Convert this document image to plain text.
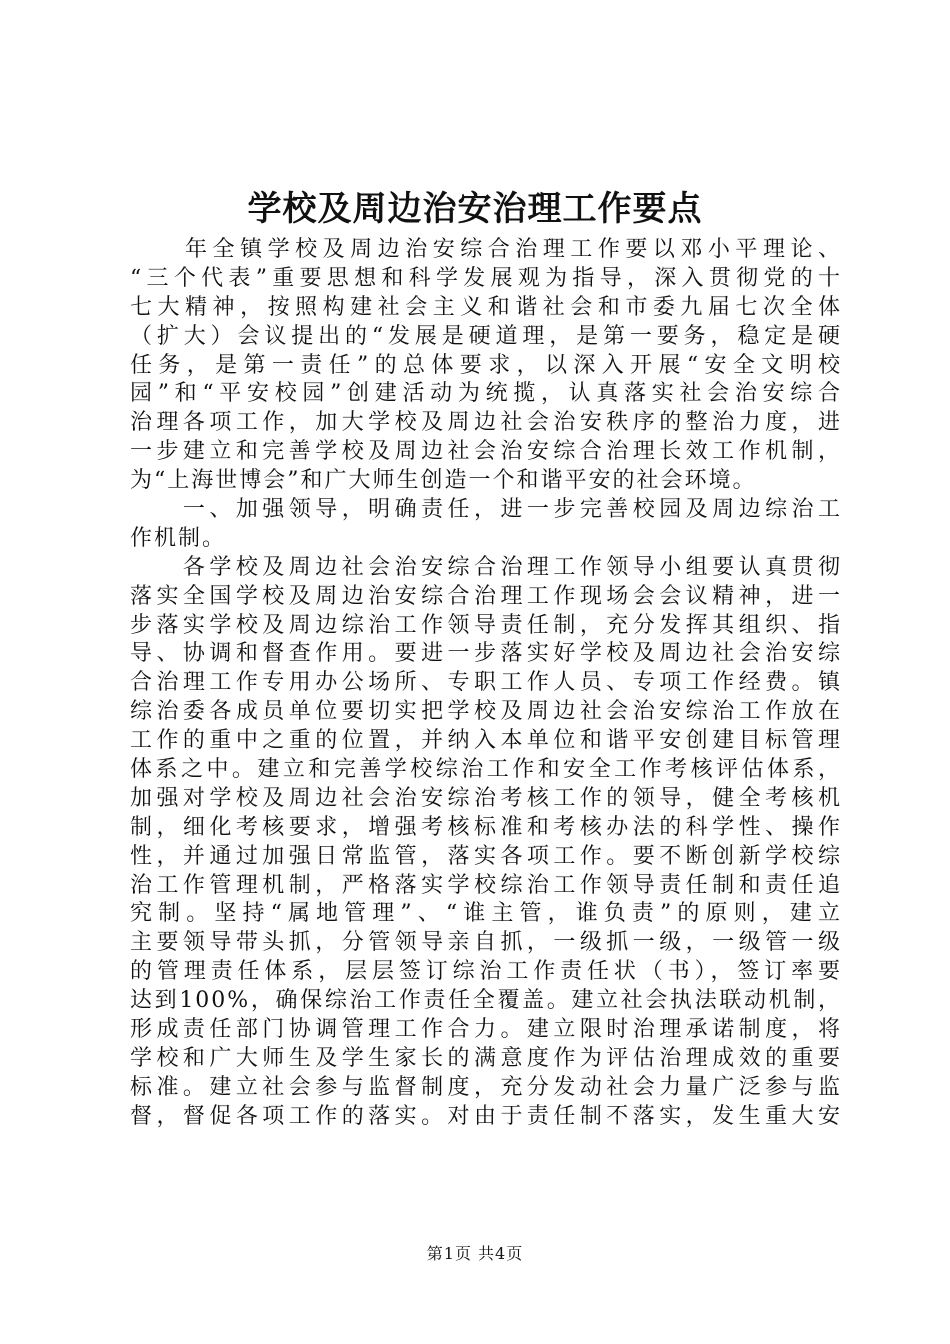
学校及周边治安治理工作要点
　　年全镇学校及周边治安综合治理工作要以邓小平理论、
“三个代表”重要思想和科学发展观为指导，深入贯彻党的十
七大精神，按照构建社会主义和谐社会和市委九届七次全体
（扩大）会议提出的“发展是硬道理，是第一要务，稳定是硬
任务，是第一责任”的总体要求，以深入开展“安全文明校
园”和“平安校园”创建活动为统揽，认真落实社会治安综合
治理各项工作，加大学校及周边社会治安秩序的整治力度，进
一步建立和完善学校及周边社会治安综合治理长效工作机制，
为“上海世博会”和广大师生创造一个和谐平安的社会环境。
　　一、加强领导，明确责任，进一步完善校园及周边综治工
作机制。
　　各学校及周边社会治安综合治理工作领导小组要认真贯彻
落实全国学校及周边治安综合治理工作现场会会议精神，进一
步落实学校及周边综治工作领导责任制，充分发挥其组织、指
导、协调和督查作用。要进一步落实好学校及周边社会治安综
合治理工作专用办公场所、专职工作人员、专项工作经费。镇
综治委各成员单位要切实把学校及周边社会治安综治工作放在
工作的重中之重的位置，并纳入本单位和谐平安创建目标管理
体系之中。建立和完善学校综治工作和安全工作考核评估体系，
加强对学校及周边社会治安综治考核工作的领导，健全考核机
制，细化考核要求，增强考核标准和考核办法的科学性、操作
性，并通过加强日常监管，落实各项工作。要不断创新学校综
治工作管理机制，严格落实学校综治工作领导责任制和责任追
究制。坚持“属地管理”、“谁主管，谁负责”的原则，建立
主要领导带头抓，分管领导亲自抓，一级抓一级，一级管一级
的管理责任体系，层层签订综治工作责任状（书），签订率要
达到100%，确保综治工作责任全覆盖。建立社会执法联动机制，
形成责任部门协调管理工作合力。建立限时治理承诺制度，将
学校和广大师生及学生家长的满意度作为评估治理成效的重要
标准。建立社会参与监督制度，充分发动社会力量广泛参与监
督，督促各项工作的落实。对由于责任制不落实，发生重大安
第1页 共4页
